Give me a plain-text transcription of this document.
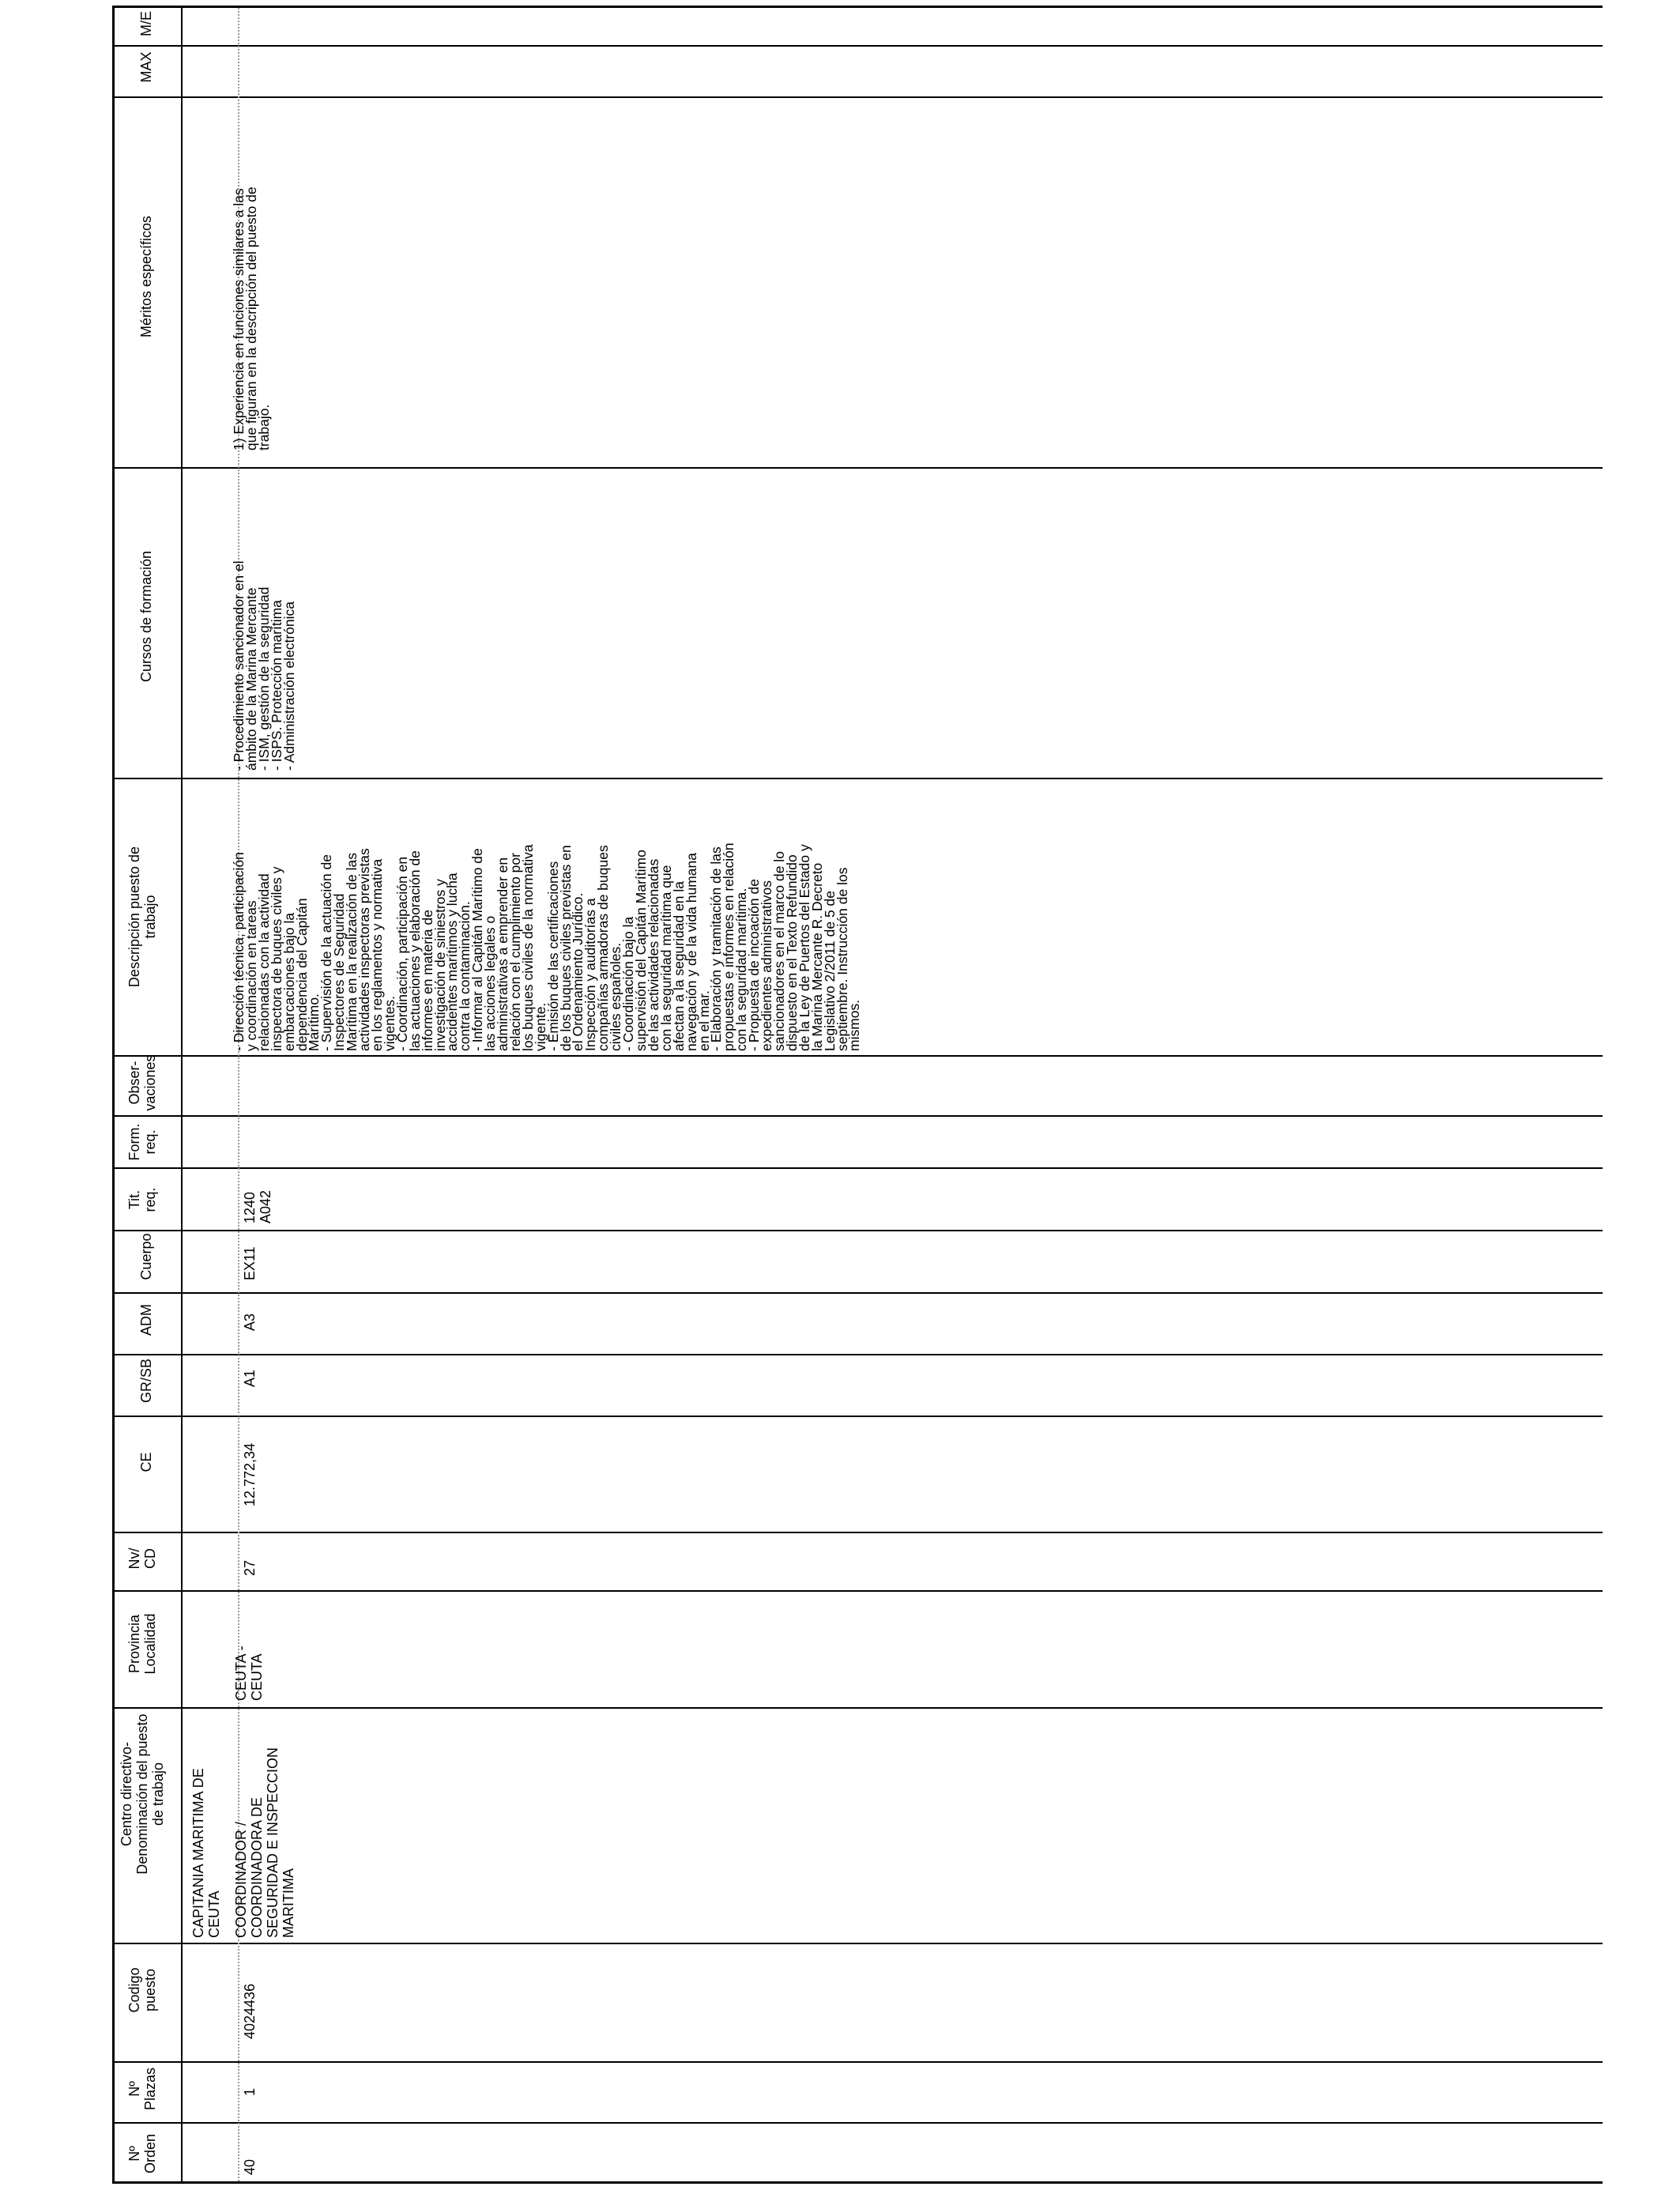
Nº
Orden
Nº
Plazas
Codigo
puesto
Centro directivo-
Denominación del puesto
de trabajo
Provincia
Localidad
Nv/
CD
CE
GR/SB
ADM
Cuerpo
Tit.
req.
Form.
req.
Obser-
vaciones
Descripción puesto de
trabajo
Cursos de formación
Méritos específicos
MAX
M/E
CAPITANIA MARITIMA DE
CEUTA
40
1
4024436
COORDINADOR /
COORDINADORA DE
SEGURIDAD E INSPECCION
MARITIMA
CEUTA -
CEUTA
27
12.772,34
A1
A3
EX11
1240
A042
- Dirección técnica, participación
y coordinación en tareas
relacionadas con la actividad
inspectora de buques civiles y
embarcaciones bajo la
dependencia del Capitán
Marítimo.
- Supervisión de la actuación de
Inspectores de Seguridad
Marítima en la realización de las
actividades inspectoras previstas
en los reglamentos y normativa
vigentes.
- Coordinación, participación en
las actuaciones y elaboración de
informes en materia de
investigación de siniestros y
accidentes marítimos y lucha
contra la contaminación.
- Informar al Capitán Marítimo de
las acciones legales o
administrativas a emprender en
relación con el cumplimiento por
los buques civiles de la normativa
vigente.
- Emisión de las certificaciones
de los buques civiles previstas en
el Ordenamiento Jurídico.
Inspección y auditorías a
compañías armadoras de buques
civiles españoles.
- Coordinación bajo la
supervisión del Capitán Marítimo
de las actividades relacionadas
con la seguridad marítima que
afectan a la seguridad en la
navegación y de la vida humana
en el mar.
- Elaboración y tramitación de las
propuestas e informes en relación
con la seguridad marítima.
- Propuesta de incoación de
expedientes administrativos
sancionadores en el marco de lo
dispuesto en el Texto Refundido
de la Ley de Puertos del Estado y
la Marina Mercante R. Decreto
Legislativo 2/2011 de 5 de
septiembre. Instrucción de los
mismos.
- Procedimiento sancionador en el
ámbito de la Marina Mercante
- ISM, gestión de la seguridad
- ISPS. Protección marítima
- Administración electrónica
1) Experiencia en funciones similares a las
que figuran en la descripción del puesto de
trabajo.
